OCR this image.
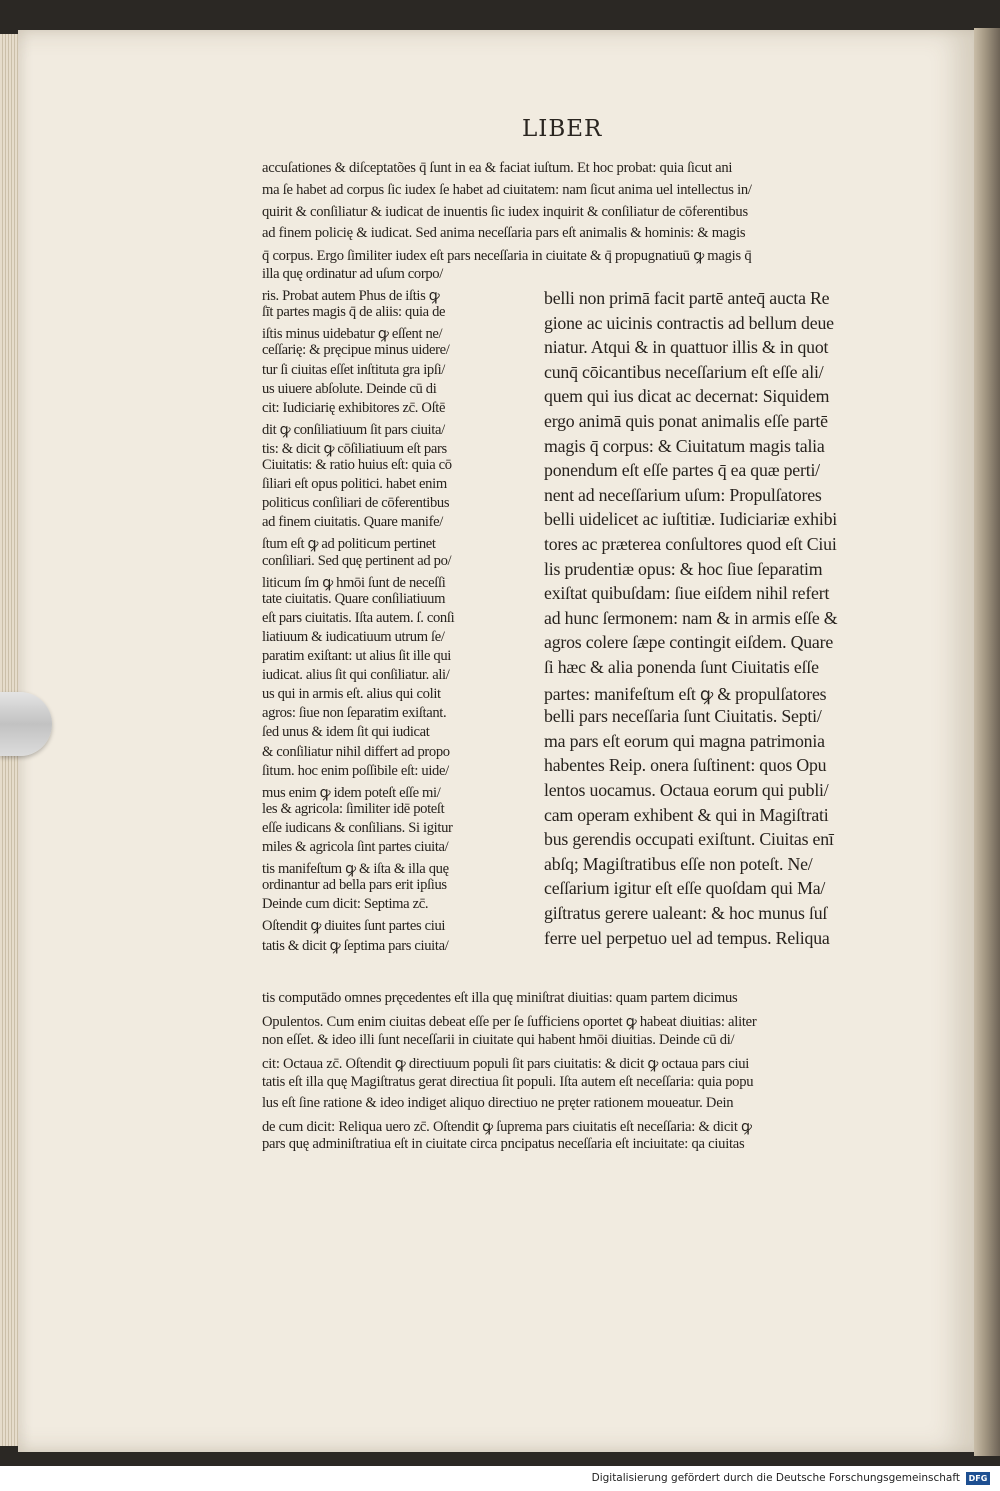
LIBER
accuſationes & diſceptatões q̄ ſunt in ea & faciat iuſtum. Et hoc probat: quia ſicut ani
ma ſe habet ad corpus ſic iudex ſe habet ad ciuitatem: nam ſicut anima uel intellectus in/
quirit & conſiliatur & iudicat de inuentis ſic iudex inquirit & conſiliatur de cōferentibus
ad finem policię & iudicat. Sed anima neceſſaria pars eſt animalis & hominis: & magis
q̄ corpus. Ergo ſimiliter iudex eſt pars neceſſaria in ciuitate & q̄ propugnatiuū ꝙ magis q̄
illa quę ordinatur ad uſum corpo/
ris. Probat autem Phus de iſtis ꝙ
ſīt partes magis q̄ de aliis: quia de
iſtis minus uidebatur ꝙ eſſent ne/
ceſſarię: & pręcipue minus uidere/
tur ſi ciuitas eſſet inſtituta gra ipſi/
us uiuere abſolute. Deinde cū di
cit: Iudiciarię exhibitores zc̄. Oſtē
dit ꝙ conſiliatiuum ſit pars ciuita/
tis: & dicit ꝙ cōſiliatiuum eſt pars
Ciuitatis: & ratio huius eſt: quia cō
ſiliari eſt opus politici. habet enim
politicus conſiliari de cōferentibus
ad finem ciuitatis. Quare manife/
ſtum eſt ꝙ ad politicum pertinet
conſiliari. Sed quę pertinent ad po/
liticum ſm ꝙ hmōi ſunt de neceſſi
tate ciuitatis. Quare conſiliatiuum
eſt pars ciuitatis. Iſta autem. ſ. conſi
liatiuum & iudicatiuum utrum ſe/
paratim exiſtant: ut alius ſit ille qui
iudicat. alius ſit qui conſiliatur. ali/
us qui in armis eſt. alius qui colit
agros: ſiue non ſeparatim exiſtant.
ſed unus & idem ſit qui iudicat
& conſiliatur nihil differt ad propo
ſitum. hoc enim poſſibile eſt: uide/
mus enim ꝙ idem poteſt eſſe mi/
les & agricola: ſimiliter idē poteſt
eſſe iudicans & conſilians. Si igitur
miles & agricola ſint partes ciuita/
tis manifeſtum ꝙ & iſta & illa quę
ordinantur ad bella pars erit ipſius
Deinde cum dicit: Septima zc̄.
Oſtendit ꝙ diuites ſunt partes ciui
tatis & dicit ꝙ ſeptima pars ciuita/
belli non primā facit partē anteq̄ aucta Re
gione ac uicinis contractis ad bellum deue
niatur. Atqui & in quattuor illis & in quot
cunq̄ cōicantibus neceſſarium eſt eſſe ali/
quem qui ius dicat ac decernat: Siquidem
ergo animā quis ponat animalis eſſe partē
magis q̄ corpus: & Ciuitatum magis talia
ponendum eſt eſſe partes q̄ ea quæ perti/
nent ad neceſſarium uſum: Propulſatores
belli uidelicet ac iuſtitiæ. Iudiciariæ exhibi
tores ac præterea conſultores quod eſt Ciui
lis prudentiæ opus: & hoc ſiue ſeparatim
exiſtat quibuſdam: ſiue eiſdem nihil refert
ad hunc ſermonem: nam & in armis eſſe &
agros colere ſæpe contingit eiſdem. Quare
ſi hæc & alia ponenda ſunt Ciuitatis eſſe
partes: manifeſtum eſt ꝙ & propulſatores
belli pars neceſſaria ſunt Ciuitatis. Septi/
ma pars eſt eorum qui magna patrimonia
habentes Reip. onera ſuſtinent: quos Opu
lentos uocamus. Octaua eorum qui publi/
cam operam exhibent & qui in Magiſtrati
bus gerendis occupati exiſtunt. Ciuitas enī
abſq; Magiſtratibus eſſe non poteſt. Ne/
ceſſarium igitur eſt eſſe quoſdam qui Ma/
giſtratus gerere ualeant: & hoc munus ſuſ
ferre uel perpetuo uel ad tempus. Reliqua
tis computādo omnes pręcedentes eſt illa quę miniſtrat diuitias: quam partem dicimus
Opulentos. Cum enim ciuitas debeat eſſe per ſe ſufficiens oportet ꝙ habeat diuitias: aliter
non eſſet. & ideo illi ſunt neceſſarii in ciuitate qui habent hmōi diuitias. Deinde cū di/
cit: Octaua zc̄. Oſtendit ꝙ directiuum populi ſit pars ciuitatis: & dicit ꝙ octaua pars ciui
tatis eſt illa quę Magiſtratus gerat directiua ſit populi. Iſta autem eſt neceſſaria: quia popu
lus eſt ſine ratione & ideo indiget aliquo directiuo ne pręter rationem moueatur. Dein
de cum dicit: Reliqua uero zc̄. Oſtendit ꝙ ſuprema pars ciuitatis eſt neceſſaria: & dicit ꝙ
pars quę adminiſtratiua eſt in ciuitate circa pncipatus neceſſaria eſt inciuitate: qa ciuitas
Digitalisierung gefördert durch die Deutsche Forschungsgemeinschaft	DFG
